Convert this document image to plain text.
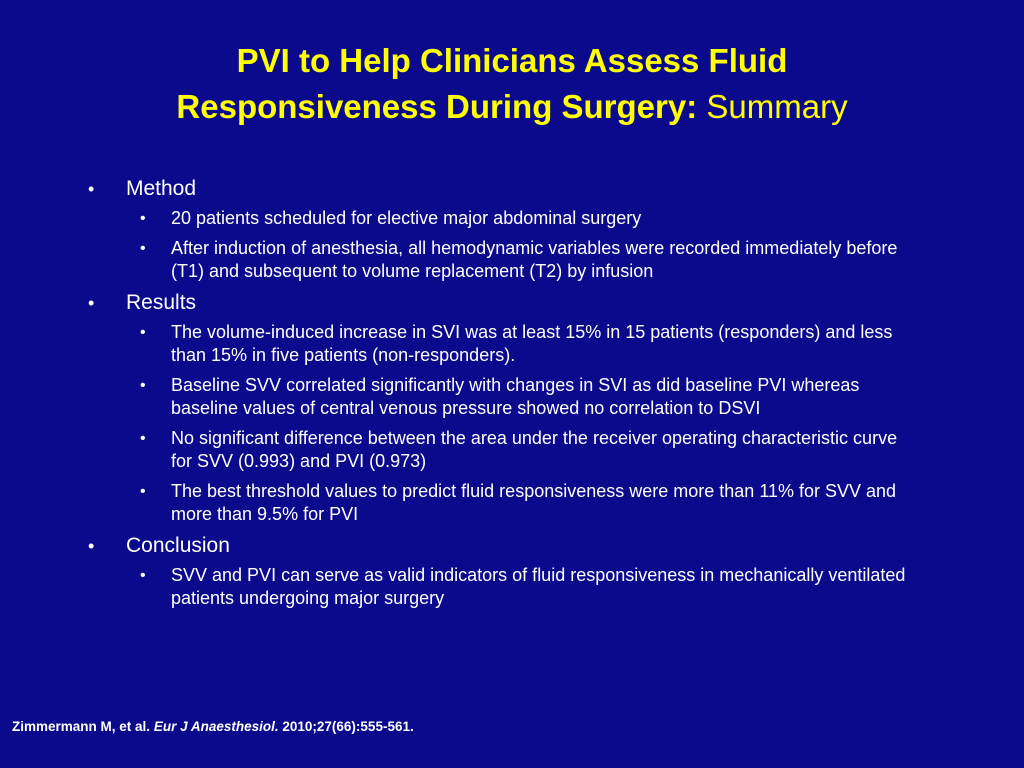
PVI to Help Clinicians Assess Fluid
Responsiveness During Surgery: Summary
•	Method
• 20 patients scheduled for elective major abdominal surgery
• After induction of anesthesia, all hemodynamic variables were recorded immediately before (T1) and subsequent to volume replacement (T2) by infusion
•	Results
• The volume-induced increase in SVI was at least 15% in 15 patients (responders) and less than 15% in five patients (non-responders).
• Baseline SVV correlated significantly with changes in SVI as did baseline PVI whereas baseline values of central venous pressure showed no correlation to DSVI
• No significant difference between the area under the receiver operating characteristic curve for SVV (0.993) and PVI (0.973)
• The best threshold values to predict fluid responsiveness were more than 11% for SVV and more than 9.5% for PVI
•	Conclusion
• SVV and PVI can serve as valid indicators of fluid responsiveness in mechanically ventilated patients undergoing major surgery
Zimmermann M, et al. Eur J Anaesthesiol. 2010;27(66):555-561.
